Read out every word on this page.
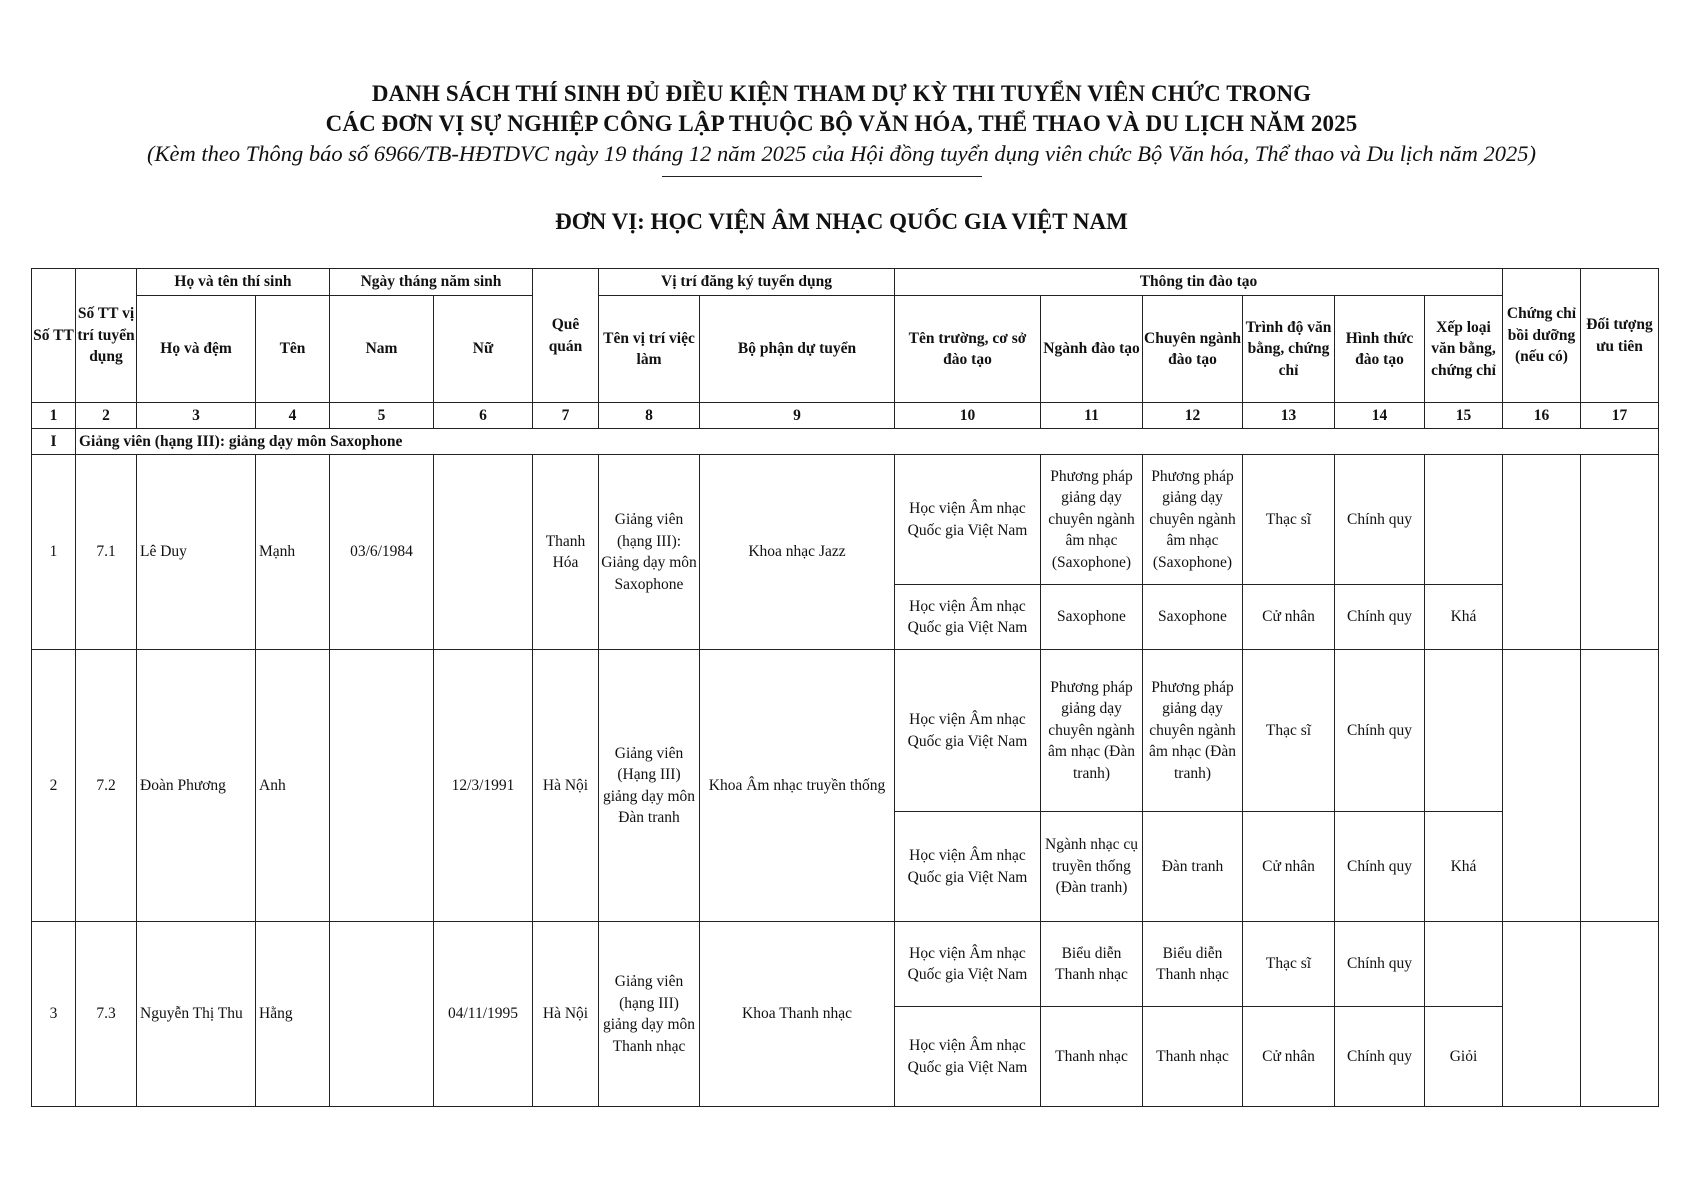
DANH SÁCH THÍ SINH ĐỦ ĐIỀU KIỆN THAM DỰ KỲ THI TUYỂN VIÊN CHỨC TRONG
CÁC ĐƠN VỊ SỰ NGHIỆP CÔNG LẬP THUỘC BỘ VĂN HÓA, THỂ THAO VÀ DU LỊCH NĂM 2025
(Kèm theo Thông báo số 6966/TB-HĐTDVC ngày 19 tháng 12 năm 2025 của Hội đồng tuyển dụng viên chức Bộ Văn hóa, Thể thao và Du lịch năm 2025)
ĐƠN VỊ: HỌC VIỆN ÂM NHẠC QUỐC GIA VIỆT NAM
Số TT	Số TT vị trí tuyển dụng	Họ và tên thí sinh		Ngày tháng năm sinh		Quê quán	Vị trí đăng ký tuyển dụng		Thông tin đào tạo						Chứng chỉ bồi dưỡng (nếu có)	Đối tượng ưu tiên
		Họ và đệm	Tên	Nam	Nữ		Tên vị trí việc làm	Bộ phận dự tuyển	Tên trường, cơ sở đào tạo	Ngành đào tạo	Chuyên ngành đào tạo	Trình độ văn bằng, chứng chỉ	Hình thức đào tạo	Xếp loại văn bằng, chứng chỉ		
1	2	3	4	5	6	7	8	9	10	11	12	13	14	15	16	17
I	Giảng viên (hạng III): giảng dạy môn Saxophone															
1	7.1	Lê Duy	Mạnh	03/6/1984		Thanh Hóa	Giảng viên (hạng III): Giảng dạy môn Saxophone	Khoa nhạc Jazz	Học viện Âm nhạc Quốc gia Việt Nam	Phương pháp giảng dạy chuyên ngành âm nhạc (Saxophone)	Phương pháp giảng dạy chuyên ngành âm nhạc (Saxophone)	Thạc sĩ	Chính quy			
									Học viện Âm nhạc Quốc gia Việt Nam	Saxophone	Saxophone	Cử nhân	Chính quy	Khá		
2	7.2	Đoàn Phương	Anh		12/3/1991	Hà Nội	Giảng viên (Hạng III) giảng dạy môn Đàn tranh	Khoa Âm nhạc truyền thống	Học viện Âm nhạc Quốc gia Việt Nam	Phương pháp giảng dạy chuyên ngành âm nhạc (Đàn tranh)	Phương pháp giảng dạy chuyên ngành âm nhạc (Đàn tranh)	Thạc sĩ	Chính quy			
									Học viện Âm nhạc Quốc gia Việt Nam	Ngành nhạc cụ truyền thống (Đàn tranh)	Đàn tranh	Cử nhân	Chính quy	Khá		
3	7.3	Nguyễn Thị Thu	Hằng		04/11/1995	Hà Nội	Giảng viên (hạng III) giảng dạy môn Thanh nhạc	Khoa Thanh nhạc	Học viện Âm nhạc Quốc gia Việt Nam	Biểu diễn Thanh nhạc	Biểu diễn Thanh nhạc	Thạc sĩ	Chính quy			
									Học viện Âm nhạc Quốc gia Việt Nam	Thanh nhạc	Thanh nhạc	Cử nhân	Chính quy	Giỏi		
